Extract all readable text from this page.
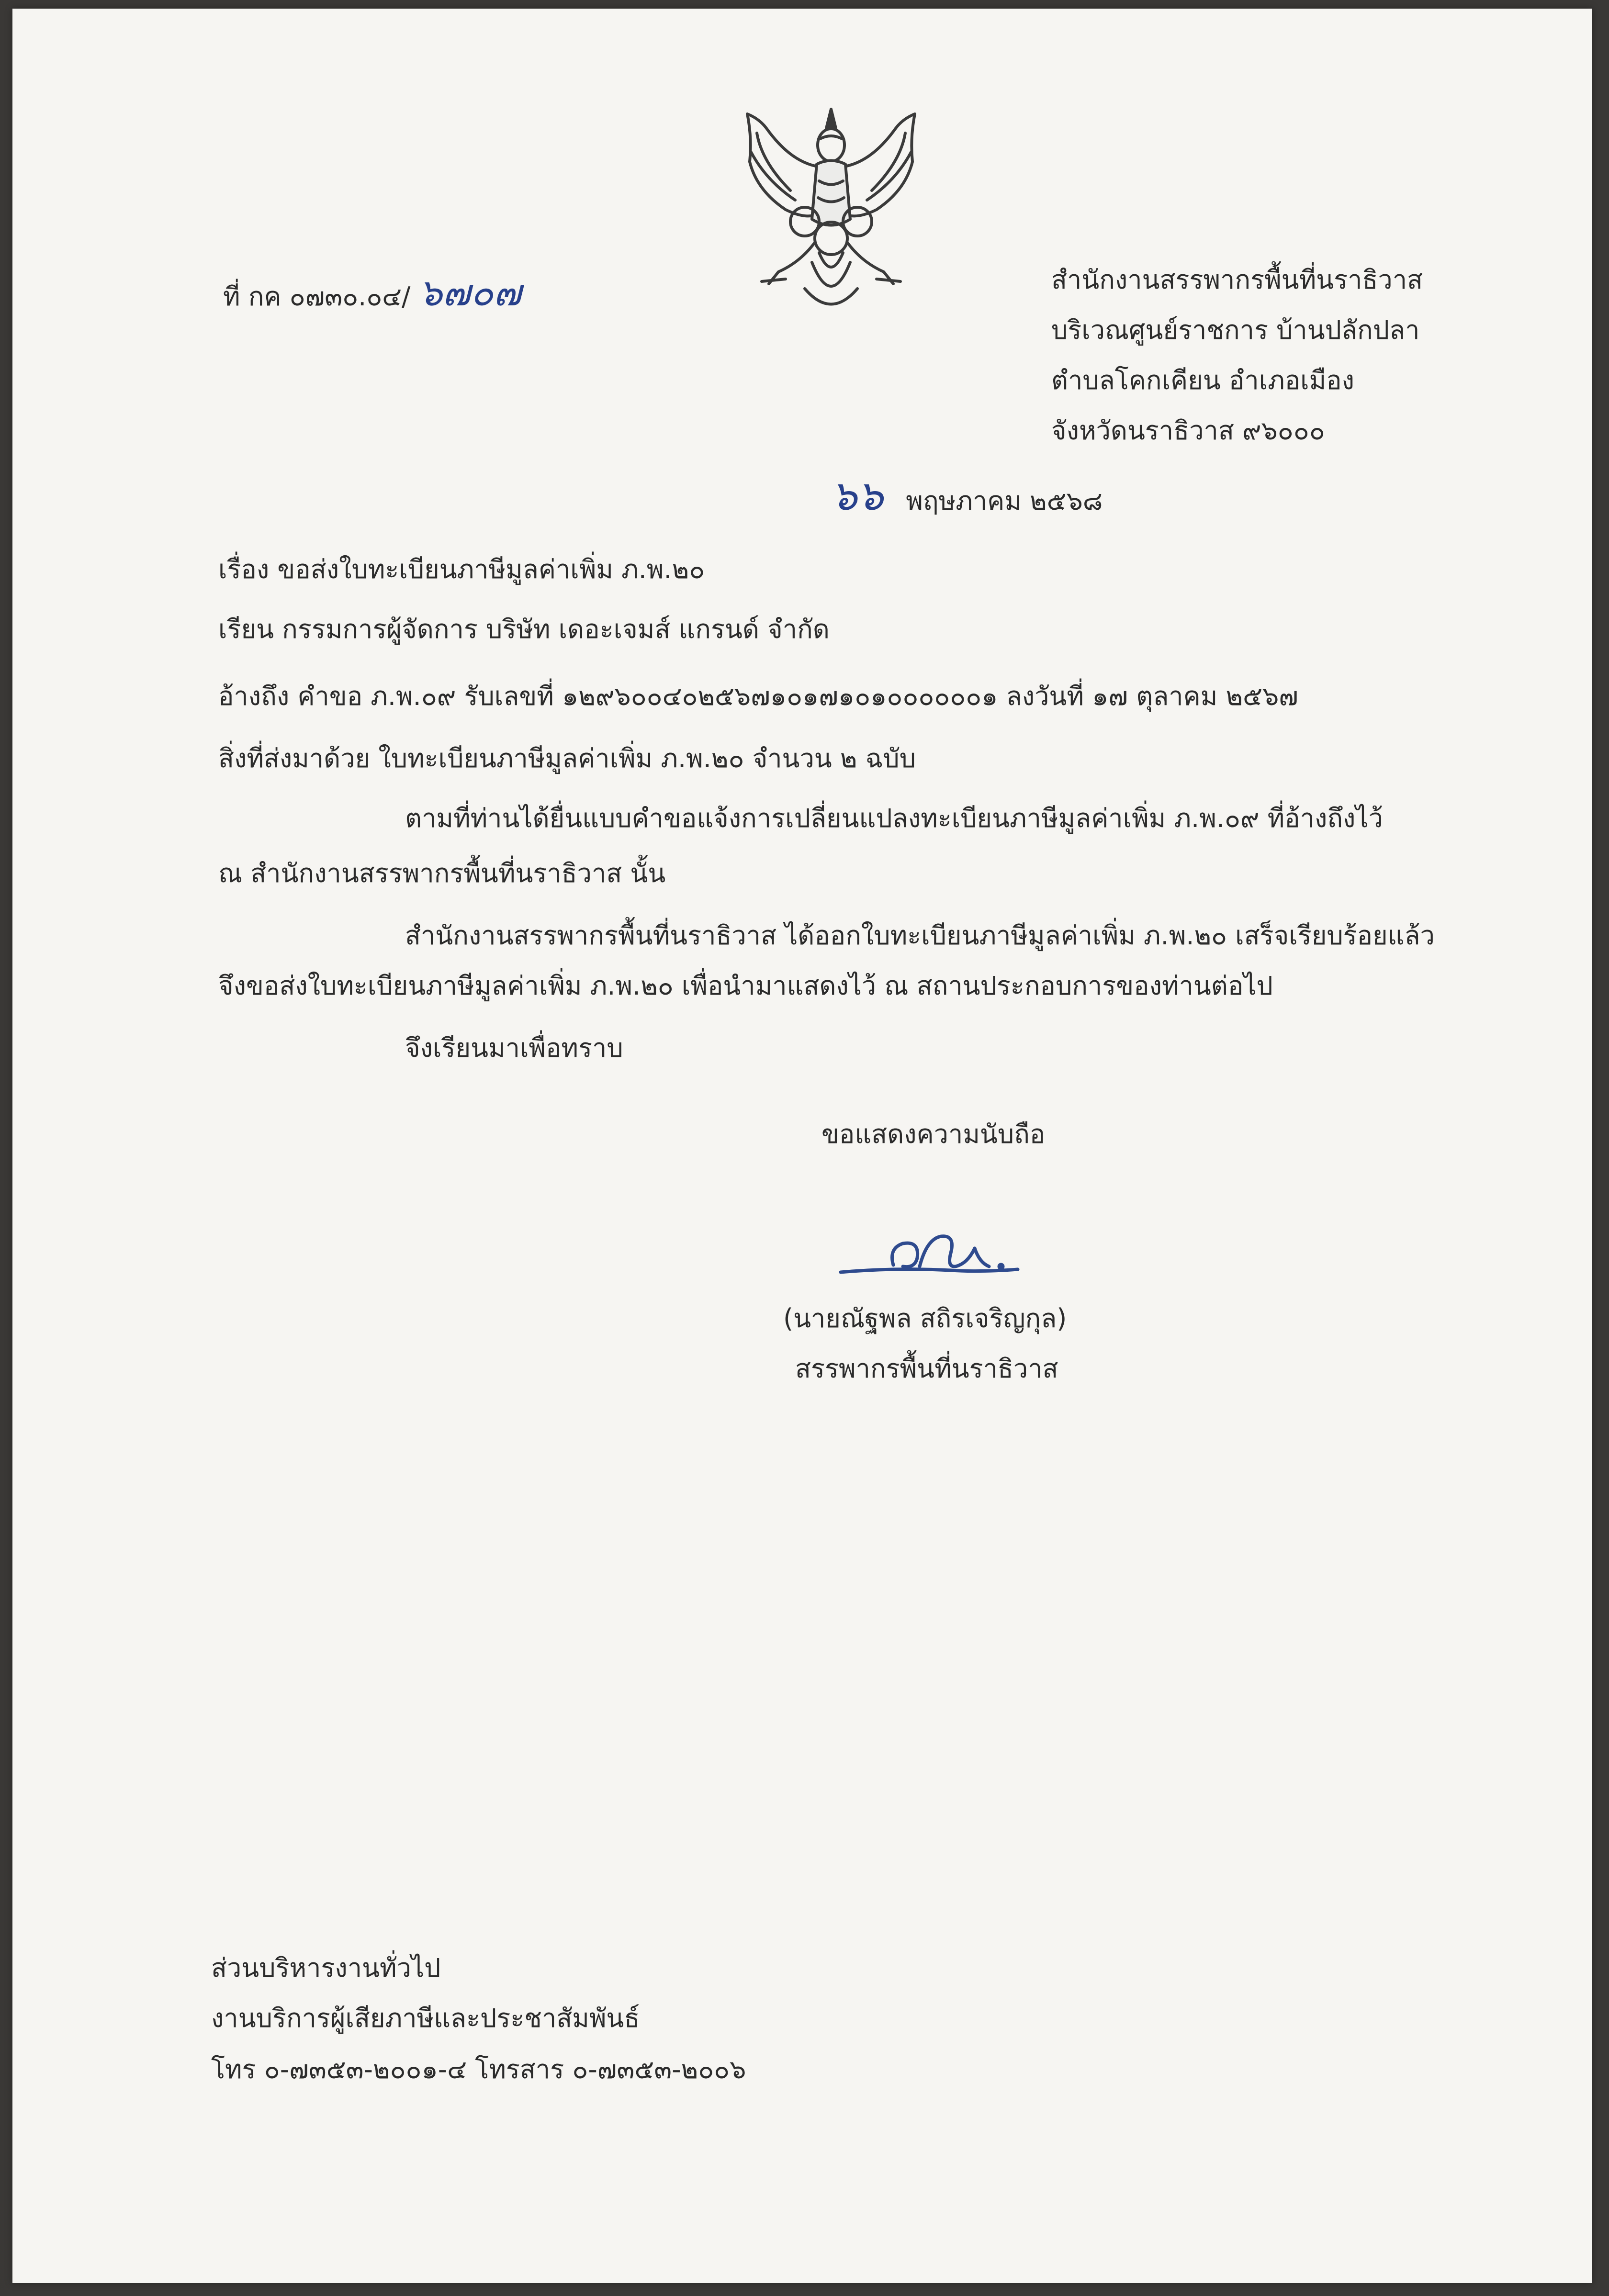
ที่ กค ๐๗๓๐.๐๔/ ๖๗๐๗	สำนักงานสรรพากรพื้นที่นราธิวาส
บริเวณศูนย์ราชการ บ้านปลักปลา
ตำบลโคกเคียน อำเภอเมือง
จังหวัดนราธิวาส ๙๖๐๐๐
๖๖ พฤษภาคม ๒๕๖๘
เรื่อง ขอส่งใบทะเบียนภาษีมูลค่าเพิ่ม ภ.พ.๒๐
เรียน กรรมการผู้จัดการ บริษัท เดอะเจมส์ แกรนด์ จำกัด
อ้างถึง คำขอ ภ.พ.๐๙ รับเลขที่ ๑๒๙๖๐๐๔๐๒๕๖๗๑๐๑๗๑๐๑๐๐๐๐๐๐๑ ลงวันที่ ๑๗ ตุลาคม ๒๕๖๗
สิ่งที่ส่งมาด้วย ใบทะเบียนภาษีมูลค่าเพิ่ม ภ.พ.๒๐ จำนวน ๒ ฉบับ
ตามที่ท่านได้ยื่นแบบคำขอแจ้งการเปลี่ยนแปลงทะเบียนภาษีมูลค่าเพิ่ม ภ.พ.๐๙ ที่อ้างถึงไว้
ณ สำนักงานสรรพากรพื้นที่นราธิวาส นั้น
สำนักงานสรรพากรพื้นที่นราธิวาส ได้ออกใบทะเบียนภาษีมูลค่าเพิ่ม ภ.พ.๒๐ เสร็จเรียบร้อยแล้ว
จึงขอส่งใบทะเบียนภาษีมูลค่าเพิ่ม ภ.พ.๒๐ เพื่อนำมาแสดงไว้ ณ สถานประกอบการของท่านต่อไป
จึงเรียนมาเพื่อทราบ
ขอแสดงความนับถือ
(นายณัฐพล สถิรเจริญกุล)
สรรพากรพื้นที่นราธิวาส
ส่วนบริหารงานทั่วไป
งานบริการผู้เสียภาษีและประชาสัมพันธ์
โทร ๐-๗๓๕๓-๒๐๐๑-๔ โทรสาร ๐-๗๓๕๓-๒๐๐๖
